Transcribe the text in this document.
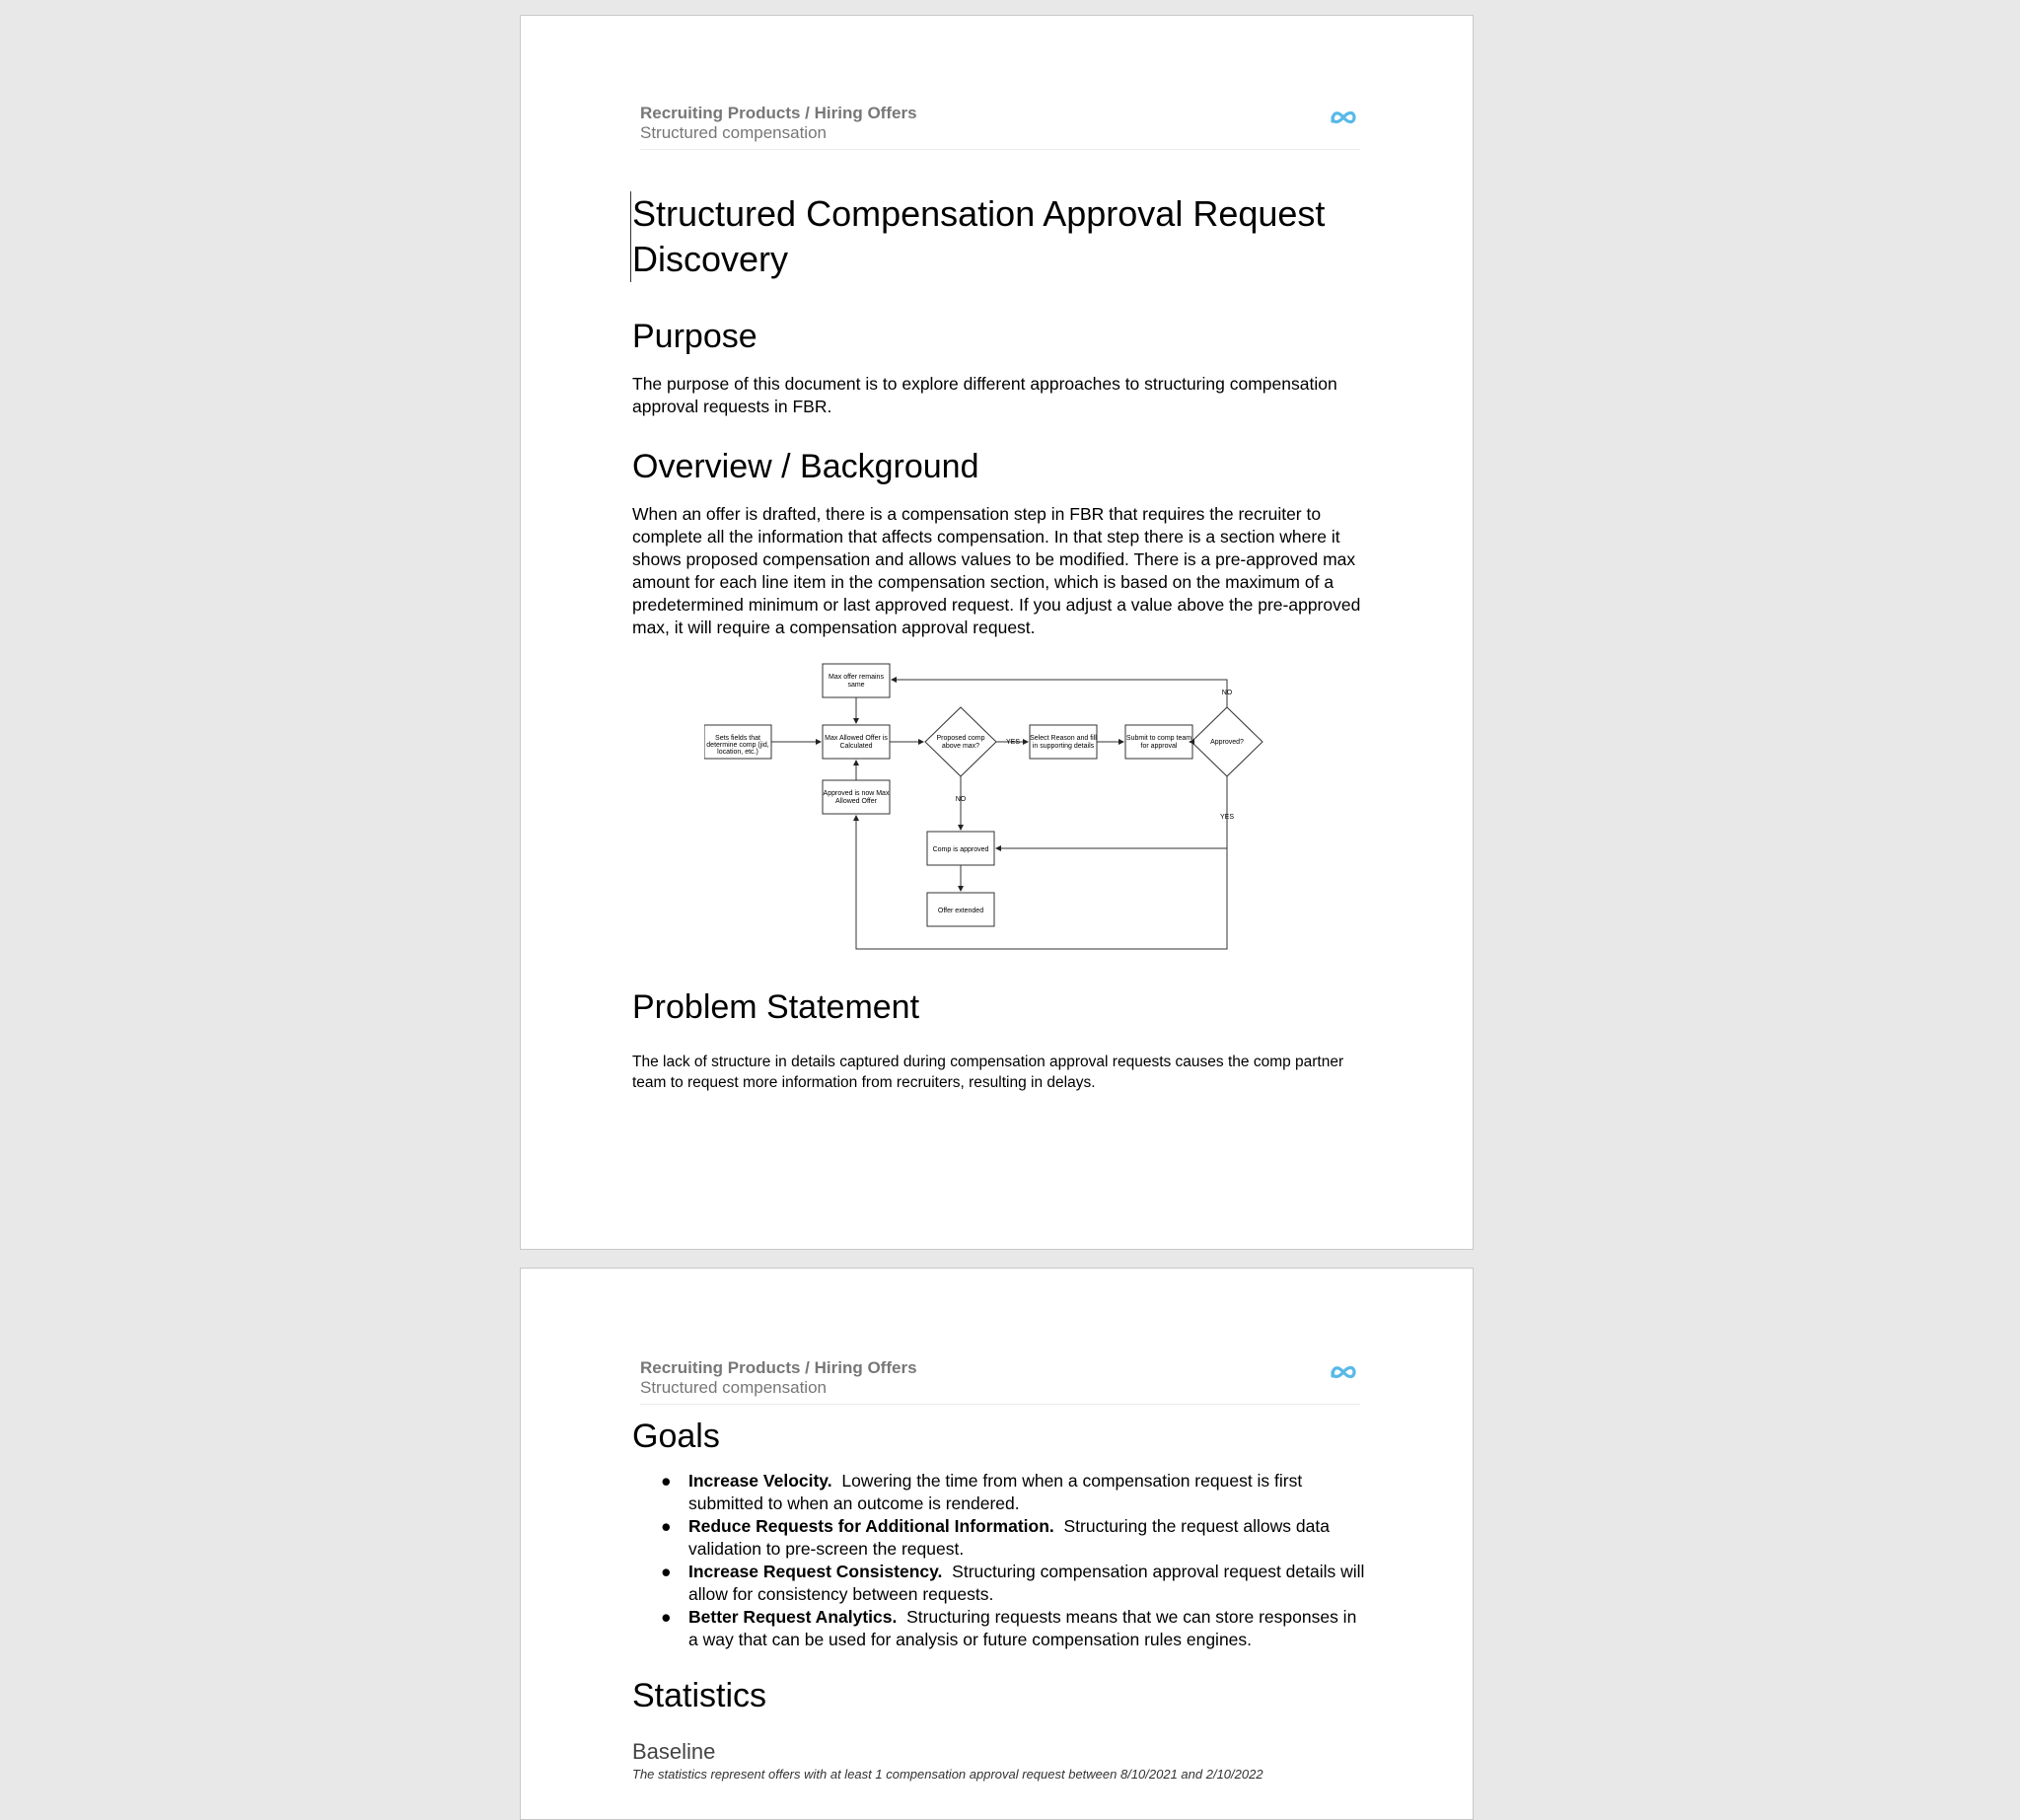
Recruiting Products / Hiring Offers
Structured compensation
Structured Compensation Approval Request
Discovery
Purpose

The purpose of this document is to explore different approaches to structuring compensation approval requests in FBR.

Overview / Background

When an offer is drafted, there is a compensation step in FBR that requires the recruiter to complete all the information that affects compensation. In that step there is a section where it shows proposed compensation and allows values to be modified. There is a pre-approved max amount for each line item in the compensation section, which is based on the maximum of a predetermined minimum or last approved request. If you adjust a value above the pre-approved max, it will require a compensation approval request.

Sets fields that
determine comp (jid,
location, etc.)
Max offer remains
same
Max Allowed Offer is
Calculated
Approved is now Max
Allowed Offer
Proposed comp
above max?
YES
NO
Select Reason and fill
in supporting details
Submit to comp team
for approval
Approved?
NO
YES
Comp is approved
Offer extended
Problem Statement

The lack of structure in details captured during compensation approval requests causes the comp partner team to request more information from recruiters, resulting in delays.

Recruiting Products / Hiring Offers
Structured compensation
Goals
● Increase Velocity. Lowering the time from when a compensation request is first submitted to when an outcome is rendered.
● Reduce Requests for Additional Information. Structuring the request allows data validation to pre-screen the request.
● Increase Request Consistency. Structuring compensation approval request details will allow for consistency between requests.
● Better Request Analytics. Structuring requests means that we can store responses in a way that can be used for analysis or future compensation rules engines.
Statistics
Baseline

The statistics represent offers with at least 1 compensation approval request between 8/10/2021 and 2/10/2022
